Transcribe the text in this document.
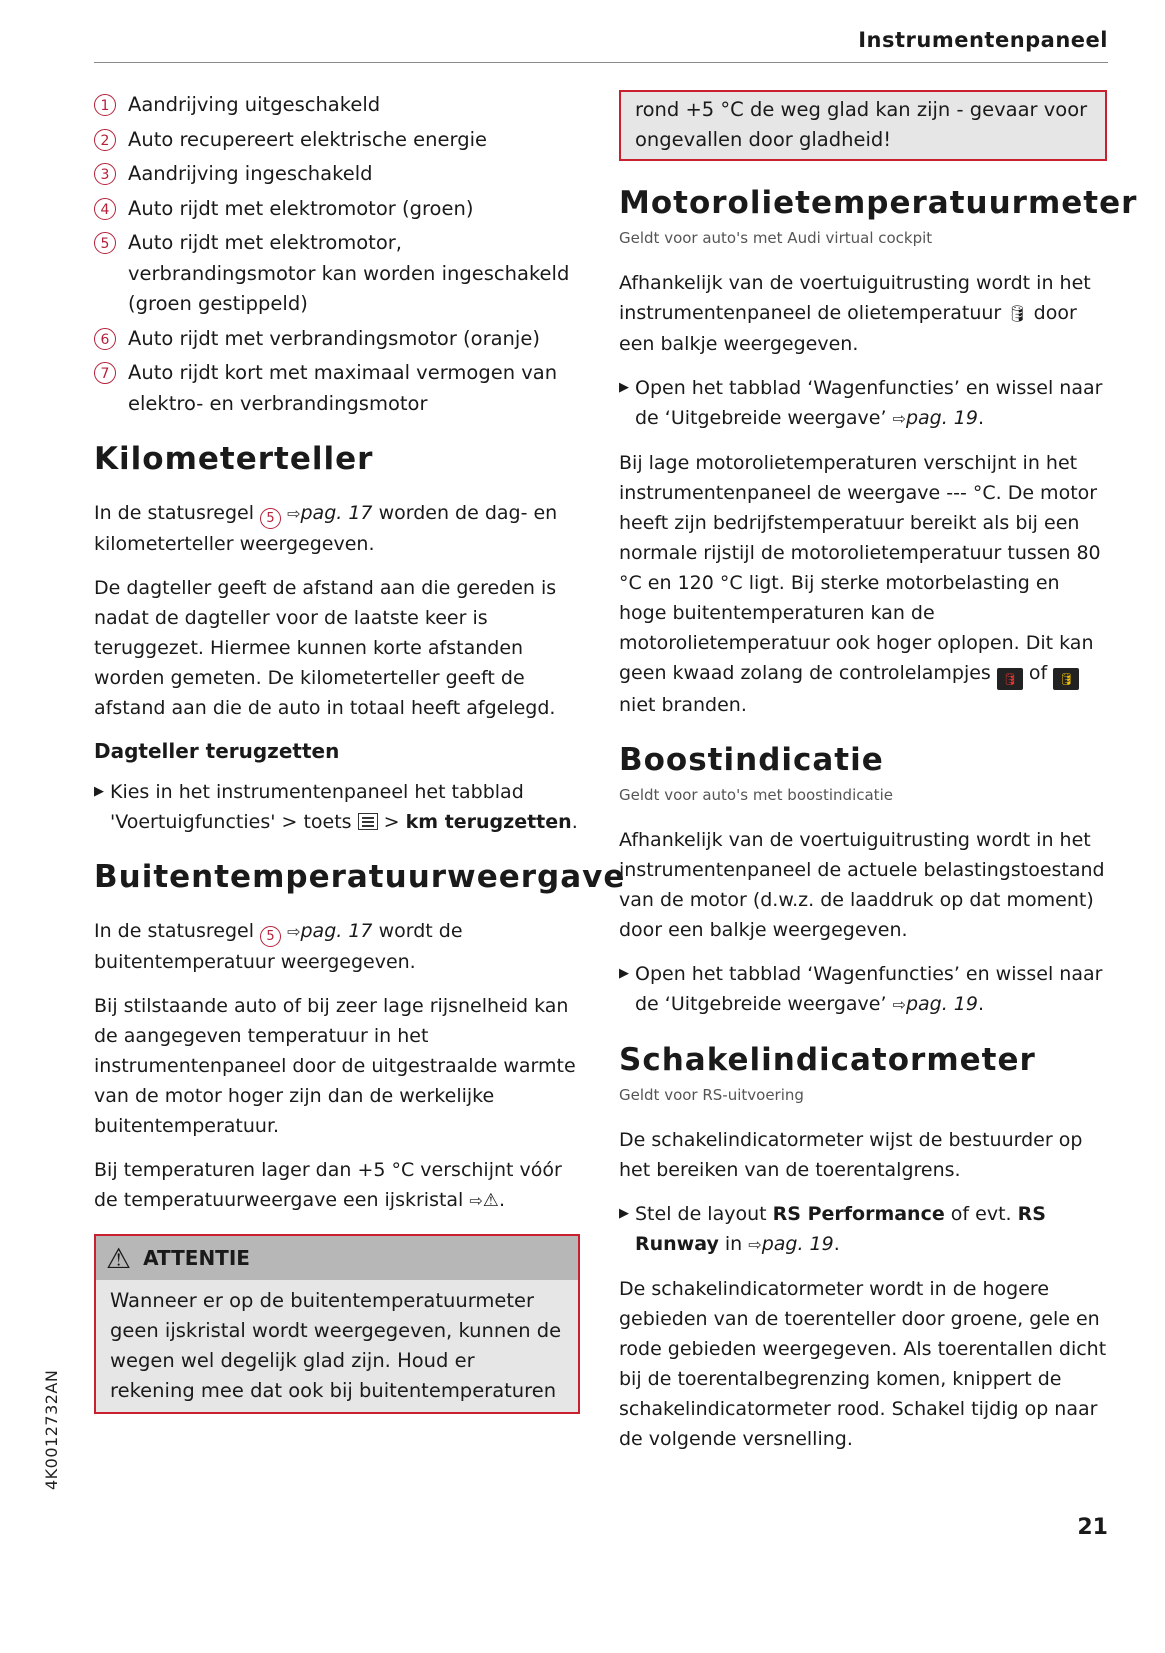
Instrumentenpaneel
1 Aandrijving uitgeschakeld
2 Auto recupereert elektrische energie
3 Aandrijving ingeschakeld
4 Auto rijdt met elektromotor (groen)
5 Auto rijdt met elektromotor, verbrandingsmotor kan worden ingeschakeld (groen gestippeld)
6 Auto rijdt met verbrandingsmotor (oranje)
7 Auto rijdt kort met maximaal vermogen van elektro- en verbrandingsmotor
Kilometerteller

In de statusregel 5 ⇨pag. 17 worden de dag- en kilometerteller weergegeven.

De dagteller geeft de afstand aan die gereden is nadat de dagteller voor de laatste keer is teruggezet. Hiermee kunnen korte afstanden worden gemeten. De kilometerteller geeft de afstand aan die de auto in totaal heeft afgelegd.

Dagteller terugzetten
▶ Kies in het instrumentenpaneel het tabblad 'Voertuigfuncties' > toets > km terugzetten.
Buitentemperatuurweergave

In de statusregel 5 ⇨pag. 17 wordt de buitentemperatuur weergegeven.

Bij stilstaande auto of bij zeer lage rijsnelheid kan de aangegeven temperatuur in het instrumentenpaneel door de uitgestraalde warmte van de motor hoger zijn dan de werkelijke buitentemperatuur.

Bij temperaturen lager dan +5 °C verschijnt vóór de temperatuurweergave een ijskristal ⇨⚠.

⚠ ATTENTIE
Wanneer er op de buitentemperatuurmeter geen ijskristal wordt weergegeven, kunnen de wegen wel degelijk glad zijn. Houd er rekening mee dat ook bij buitentemperaturen
rond +5 °C de weg glad kan zijn - gevaar voor ongevallen door gladheid!
Motorolietemperatuurmeter
Geldt voor auto's met Audi virtual cockpit

Afhankelijk van de voertuiguitrusting wordt in het instrumentenpaneel de olietemperatuur 🛢 door een balkje weergegeven.

▶ Open het tabblad ‘Wagenfuncties’ en wissel naar de ‘Uitgebreide weergave’ ⇨pag. 19.

Bij lage motorolietemperaturen verschijnt in het instrumentenpaneel de weergave --- °C. De motor heeft zijn bedrijfstemperatuur bereikt als bij een normale rijstijl de motorolietemperatuur tussen 80 °C en 120 °C ligt. Bij sterke motorbelasting en hoge buitentemperaturen kan de motorolietemperatuur ook hoger oplopen. Dit kan geen kwaad zolang de controlelampjes 🛢 of 🛢 niet branden.

Boostindicatie
Geldt voor auto's met boostindicatie

Afhankelijk van de voertuiguitrusting wordt in het instrumentenpaneel de actuele belastingstoestand van de motor (d.w.z. de laaddruk op dat moment) door een balkje weergegeven.

▶ Open het tabblad ‘Wagenfuncties’ en wissel naar de ‘Uitgebreide weergave’ ⇨pag. 19.
Schakelindicatormeter
Geldt voor RS-uitvoering

De schakelindicatormeter wijst de bestuurder op het bereiken van de toerentalgrens.

▶ Stel de layout RS Performance of evt. RS Runway in ⇨pag. 19.

De schakelindicatormeter wordt in de hogere gebieden van de toerenteller door groene, gele en rode gebieden weergegeven. Als toerentallen dicht bij de toerentalbegrenzing komen, knippert de schakelindicatormeter rood. Schakel tijdig op naar de volgende versnelling.

4K0012732AN
21
